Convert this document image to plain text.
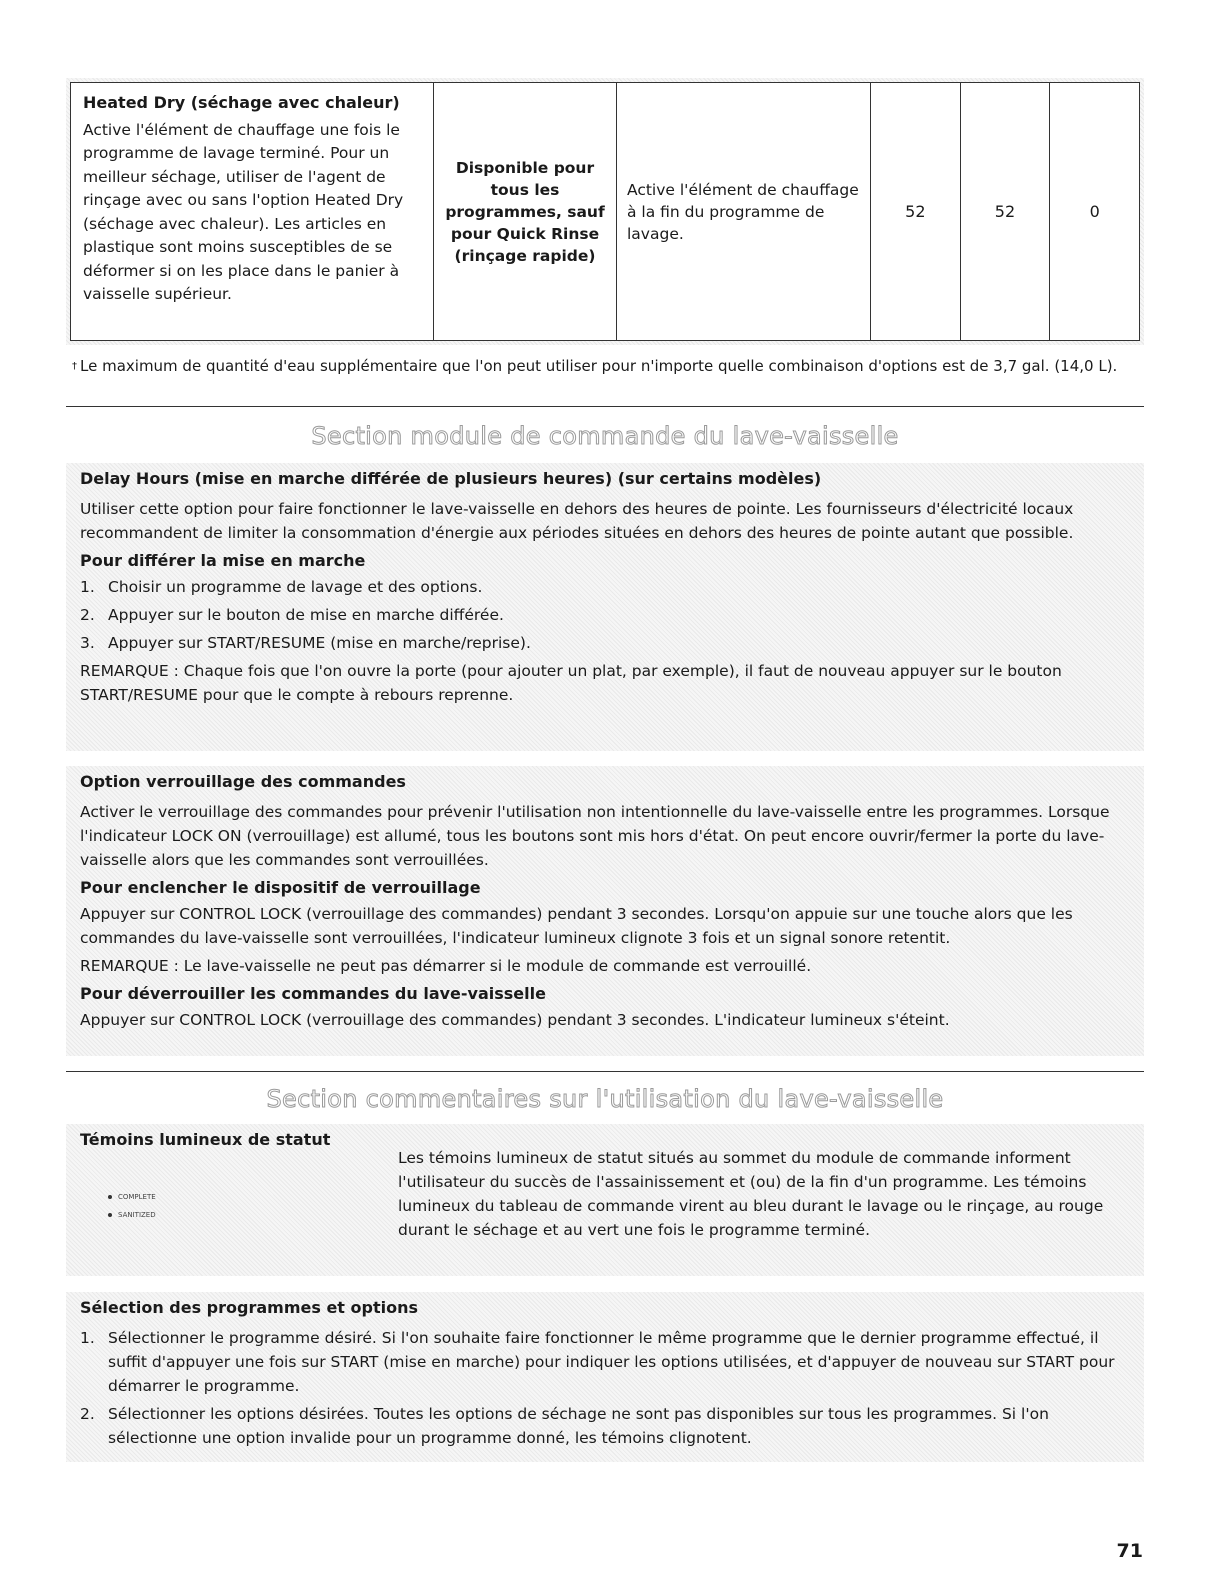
Heated Dry (séchage avec chaleur)
Active l'élément de chauffage une fois le programme de lavage terminé. Pour un meilleur séchage, utiliser de l'agent de rinçage avec ou sans l'option Heated Dry (séchage avec chaleur). Les articles en plastique sont moins susceptibles de se déformer si on les place dans le panier à vaisselle supérieur.
	Disponible pour tous les programmes, sauf pour Quick Rinse (rinçage rapide)	Active l'élément de chauffage à la fin du programme de lavage.	52	52	0
† Le maximum de quantité d'eau supplémentaire que l'on peut utiliser pour n'importe quelle combinaison d'options est de 3,7 gal. (14,0 L).
Section module de commande du lave-vaisselle
Delay Hours (mise en marche différée de plusieurs heures) (sur certains modèles)

Utiliser cette option pour faire fonctionner le lave-vaisselle en dehors des heures de pointe. Les fournisseurs d'électricité locaux recommandent de limiter la consommation d'énergie aux périodes situées en dehors des heures de pointe autant que possible.

Pour différer la mise en marche
1. Choisir un programme de lavage et des options.
2. Appuyer sur le bouton de mise en marche différée.
3. Appuyer sur START/RESUME (mise en marche/reprise).

REMARQUE : Chaque fois que l'on ouvre la porte (pour ajouter un plat, par exemple), il faut de nouveau appuyer sur le bouton START/RESUME pour que le compte à rebours reprenne.

Option verrouillage des commandes

Activer le verrouillage des commandes pour prévenir l'utilisation non intentionnelle du lave-vaisselle entre les programmes. Lorsque l'indicateur LOCK ON (verrouillage) est allumé, tous les boutons sont mis hors d'état. On peut encore ouvrir/fermer la porte du lave-vaisselle alors que les commandes sont verrouillées.

Pour enclencher le dispositif de verrouillage

Appuyer sur CONTROL LOCK (verrouillage des commandes) pendant 3 secondes. Lorsqu'on appuie sur une touche alors que les commandes du lave-vaisselle sont verrouillées, l'indicateur lumineux clignote 3 fois et un signal sonore retentit.

REMARQUE : Le lave-vaisselle ne peut pas démarrer si le module de commande est verrouillé.

Pour déverrouiller les commandes du lave-vaisselle

Appuyer sur CONTROL LOCK (verrouillage des commandes) pendant 3 secondes. L'indicateur lumineux s'éteint.

Section commentaires sur l'utilisation du lave-vaisselle
Témoins lumineux de statut
COMPLETE
SANITIZED
Les témoins lumineux de statut situés au sommet du module de commande informent l'utilisateur du succès de l'assainissement et (ou) de la fin d'un programme. Les témoins lumineux du tableau de commande virent au bleu durant le lavage ou le rinçage, au rouge durant le séchage et au vert une fois le programme terminé.
Sélection des programmes et options
1. Sélectionner le programme désiré. Si l'on souhaite faire fonctionner le même programme que le dernier programme effectué, il suffit d'appuyer une fois sur START (mise en marche) pour indiquer les options utilisées, et d'appuyer de nouveau sur START pour démarrer le programme.
2. Sélectionner les options désirées. Toutes les options de séchage ne sont pas disponibles sur tous les programmes. Si l'on sélectionne une option invalide pour un programme donné, les témoins clignotent.
71
